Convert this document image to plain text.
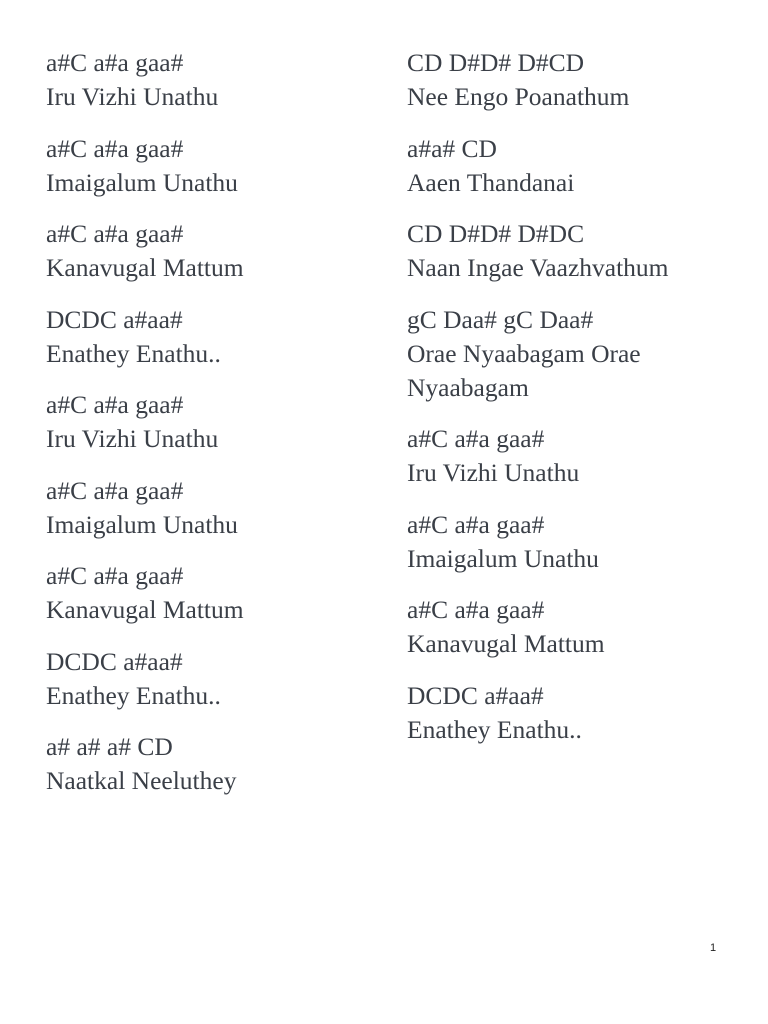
a#C a#a gaa#
Iru Vizhi Unathu
a#C a#a gaa#
Imaigalum Unathu
a#C a#a gaa#
Kanavugal Mattum
DCDC a#aa#
Enathey Enathu..
a#C a#a gaa#
Iru Vizhi Unathu
a#C a#a gaa#
Imaigalum Unathu
a#C a#a gaa#
Kanavugal Mattum
DCDC a#aa#
Enathey Enathu..
a# a# a# CD
Naatkal Neeluthey
CD D#D# D#CD
Nee Engo Poanathum
a#a# CD
Aaen Thandanai
CD D#D# D#DC
Naan Ingae Vaazhvathum
gC Daa# gC Daa#
Orae Nyaabagam Orae Nyaabagam
a#C a#a gaa#
Iru Vizhi Unathu
a#C a#a gaa#
Imaigalum Unathu
a#C a#a gaa#
Kanavugal Mattum
DCDC a#aa#
Enathey Enathu..
1
